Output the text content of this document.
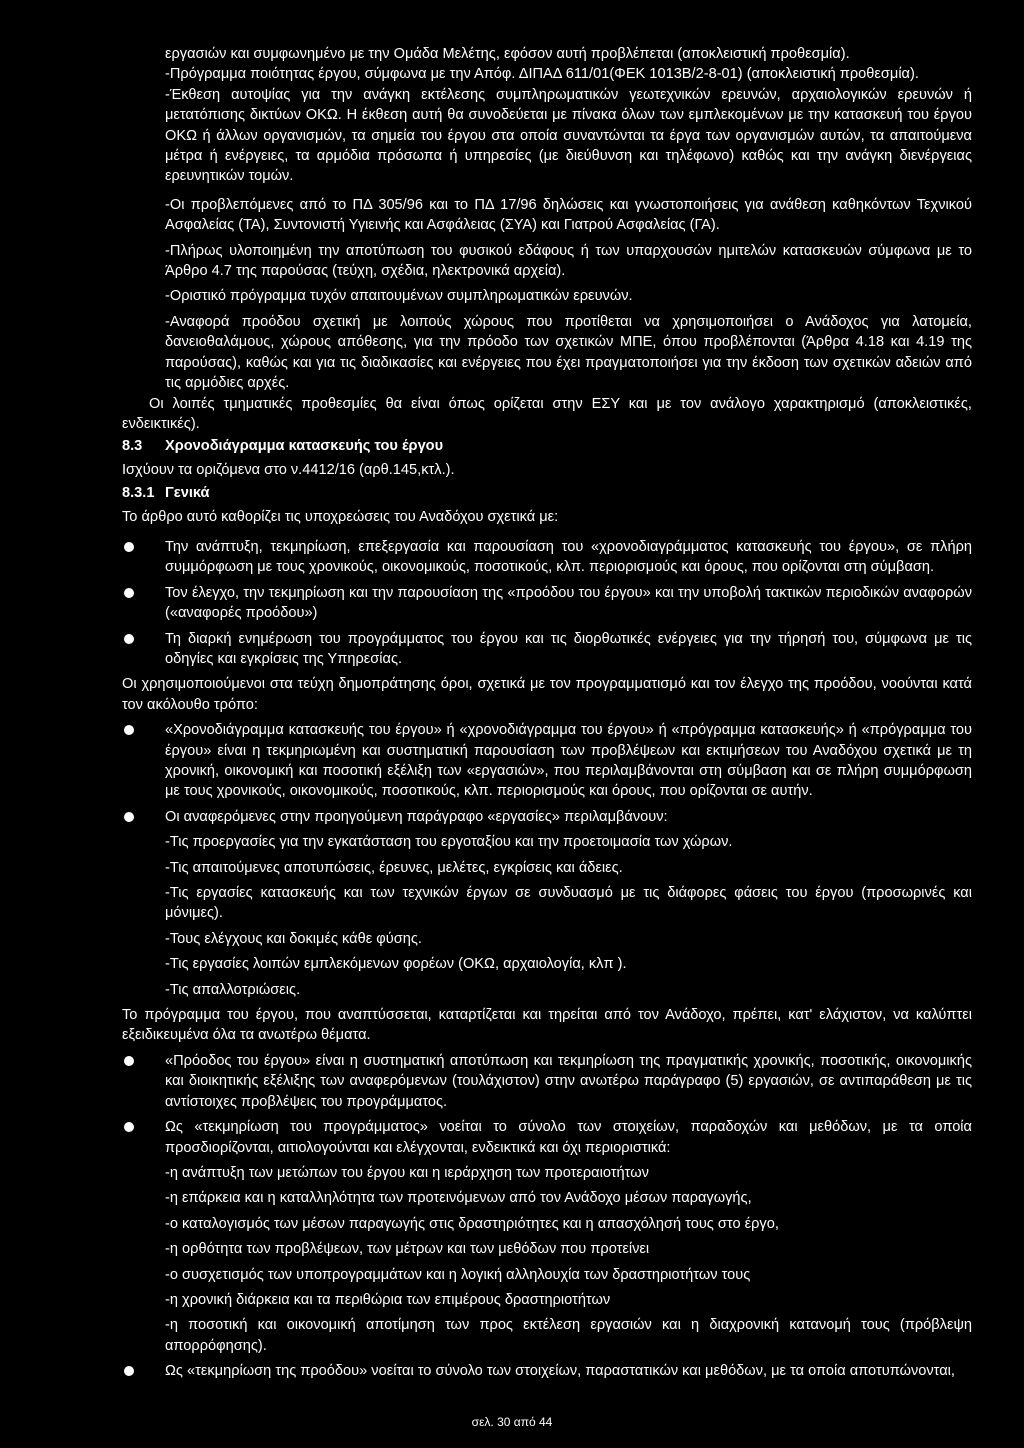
εργασιών και συμφωνημένο με την Ομάδα Μελέτης, εφόσον αυτή προβλέπεται (αποκλειστική προθεσμία).

-Πρόγραμμα ποιότητας έργου, σύμφωνα με την Απόφ. ΔΙΠΑΔ 611/01(ΦΕΚ 1013Β/2-8-01) (αποκλειστική προθεσμία).

-Έκθεση αυτοψίας για την ανάγκη εκτέλεσης συμπληρωματικών γεωτεχνικών ερευνών, αρχαιολογικών ερευνών ή μετατόπισης δικτύων ΟΚΩ. Η έκθεση αυτή θα συνοδεύεται με πίνακα όλων των εμπλεκομένων με την κατασκευή του έργου ΟΚΩ ή άλλων οργανισμών, τα σημεία του έργου στα οποία συναντώνται τα έργα των οργανισμών αυτών, τα απαιτούμενα μέτρα ή ενέργειες, τα αρμόδια πρόσωπα ή υπηρεσίες (με διεύθυνση και τηλέφωνο) καθώς και την ανάγκη διενέργειας ερευνητικών τομών.

-Οι προβλεπόμενες από το ΠΔ 305/96 και το ΠΔ 17/96 δηλώσεις και γνωστοποιήσεις για ανάθεση καθηκόντων Τεχνικού Ασφαλείας (ΤΑ), Συντονιστή Υγιεινής και Ασφάλειας (ΣΥΑ) και Γιατρού Ασφαλείας (ΓΑ).

-Πλήρως υλοποιημένη την αποτύπωση του φυσικού εδάφους ή των υπαρχουσών ημιτελών κατασκευών σύμφωνα με το Άρθρο 4.7 της παρούσας (τεύχη, σχέδια, ηλεκτρονικά αρχεία).

-Οριστικό πρόγραμμα τυχόν απαιτουμένων συμπληρωματικών ερευνών.

-Αναφορά προόδου σχετική με λοιπούς χώρους που προτίθεται να χρησιμοποιήσει ο Ανάδοχος για λατομεία, δανειοθαλάμους, χώρους απόθεσης, για την πρόοδο των σχετικών ΜΠΕ, όπου προβλέπονται (Άρθρα 4.18 και 4.19 της παρούσας), καθώς και για τις διαδικασίες και ενέργειες που έχει πραγματοποιήσει για την έκδοση των σχετικών αδειών από τις αρμόδιες αρχές.

Οι λοιπές τμηματικές προθεσμίες θα είναι όπως ορίζεται στην ΕΣΥ και με τον ανάλογο χαρακτηρισμό (αποκλειστικές, ενδεικτικές).

8.3	Χρονοδιάγραμμα κατασκευής του έργου

Ισχύουν τα οριζόμενα στο ν.4412/16 (αρθ.145,κτλ.).

8.3.1 Γενικά

Το άρθρο αυτό καθορίζει τις υποχρεώσεις του Αναδόχου σχετικά με:

Την ανάπτυξη, τεκμηρίωση, επεξεργασία και παρουσίαση του «χρονοδιαγράμματος κατασκευής του έργου», σε πλήρη συμμόρφωση με τους χρονικούς, οικονομικούς, ποσοτικούς, κλπ. περιορισμούς και όρους, που ορίζονται στη σύμβαση.
Τον έλεγχο, την τεκμηρίωση και την παρουσίαση της «προόδου του έργου» και την υποβολή τακτικών περιοδικών αναφορών («αναφορές προόδου»)
Τη διαρκή ενημέρωση του προγράμματος του έργου και τις διορθωτικές ενέργειες για την τήρησή του, σύμφωνα με τις οδηγίες και εγκρίσεις της Υπηρεσίας.

Οι χρησιμοποιούμενοι στα τεύχη δημοπράτησης όροι, σχετικά με τον προγραμματισμό και τον έλεγχο της προόδου, νοούνται κατά τον ακόλουθο τρόπο:

«Χρονοδιάγραμμα κατασκευής του έργου» ή «χρονοδιάγραμμα του έργου» ή «πρόγραμμα κατασκευής» ή «πρόγραμμα του έργου» είναι η τεκμηριωμένη και συστηματική παρουσίαση των προβλέψεων και εκτιμήσεων του Αναδόχου σχετικά με τη χρονική, οικονομική και ποσοτική εξέλιξη των «εργασιών», που περιλαμβάνονται στη σύμβαση και σε πλήρη συμμόρφωση με τους χρονικούς, οικονομικούς, ποσοτικούς, κλπ. περιορισμούς και όρους, που ορίζονται σε αυτήν.
Οι αναφερόμενες στην προηγούμενη παράγραφο «εργασίες» περιλαμβάνουν:

-Τις προεργασίες για την εγκατάσταση του εργοταξίου και την προετοιμασία των χώρων.

-Τις απαιτούμενες αποτυπώσεις, έρευνες, μελέτες, εγκρίσεις και άδειες.

-Τις εργασίες κατασκευής και των τεχνικών έργων σε συνδυασμό με τις διάφορες φάσεις του έργου (προσωρινές και μόνιμες).

-Τους ελέγχους και δοκιμές κάθε φύσης.

-Τις εργασίες λοιπών εμπλεκόμενων φορέων (ΟΚΩ, αρχαιολογία, κλπ ).

-Τις απαλλοτριώσεις.

Το πρόγραμμα του έργου, που αναπτύσσεται, καταρτίζεται και τηρείται από τον Ανάδοχο, πρέπει, κατ' ελάχιστον, να καλύπτει εξειδικευμένα όλα τα ανωτέρω θέματα.

«Πρόοδος του έργου» είναι η συστηματική αποτύπωση και τεκμηρίωση της πραγματικής χρονικής, ποσοτικής, οικονομικής και διοικητικής εξέλιξης των αναφερόμενων (τουλάχιστον) στην ανωτέρω παράγραφο (5) εργασιών, σε αντιπαράθεση με τις αντίστοιχες προβλέψεις του προγράμματος.
Ως «τεκμηρίωση του προγράμματος» νοείται το σύνολο των στοιχείων, παραδοχών και μεθόδων, με τα οποία προσδιορίζονται, αιτιολογούνται και ελέγχονται, ενδεικτικά και όχι περιοριστικά:

-η ανάπτυξη των μετώπων του έργου και η ιεράρχηση των προτεραιοτήτων

-η επάρκεια και η καταλληλότητα των προτεινόμενων από τον Ανάδοχο μέσων παραγωγής,

-ο καταλογισμός των μέσων παραγωγής στις δραστηριότητες και η απασχόλησή τους στο έργο,

-η ορθότητα των προβλέψεων, των μέτρων και των μεθόδων που προτείνει

-ο συσχετισμός των υποπρογραμμάτων και η λογική αλληλουχία των δραστηριοτήτων τους

-η χρονική διάρκεια και τα περιθώρια των επιμέρους δραστηριοτήτων

-η ποσοτική και οικονομική αποτίμηση των προς εκτέλεση εργασιών και η διαχρονική κατανομή τους (πρόβλεψη απορρόφησης).

Ως «τεκμηρίωση της προόδου» νοείται το σύνολο των στοιχείων, παραστατικών και μεθόδων, με τα οποία αποτυπώνονται,
σελ. 30 από 44
